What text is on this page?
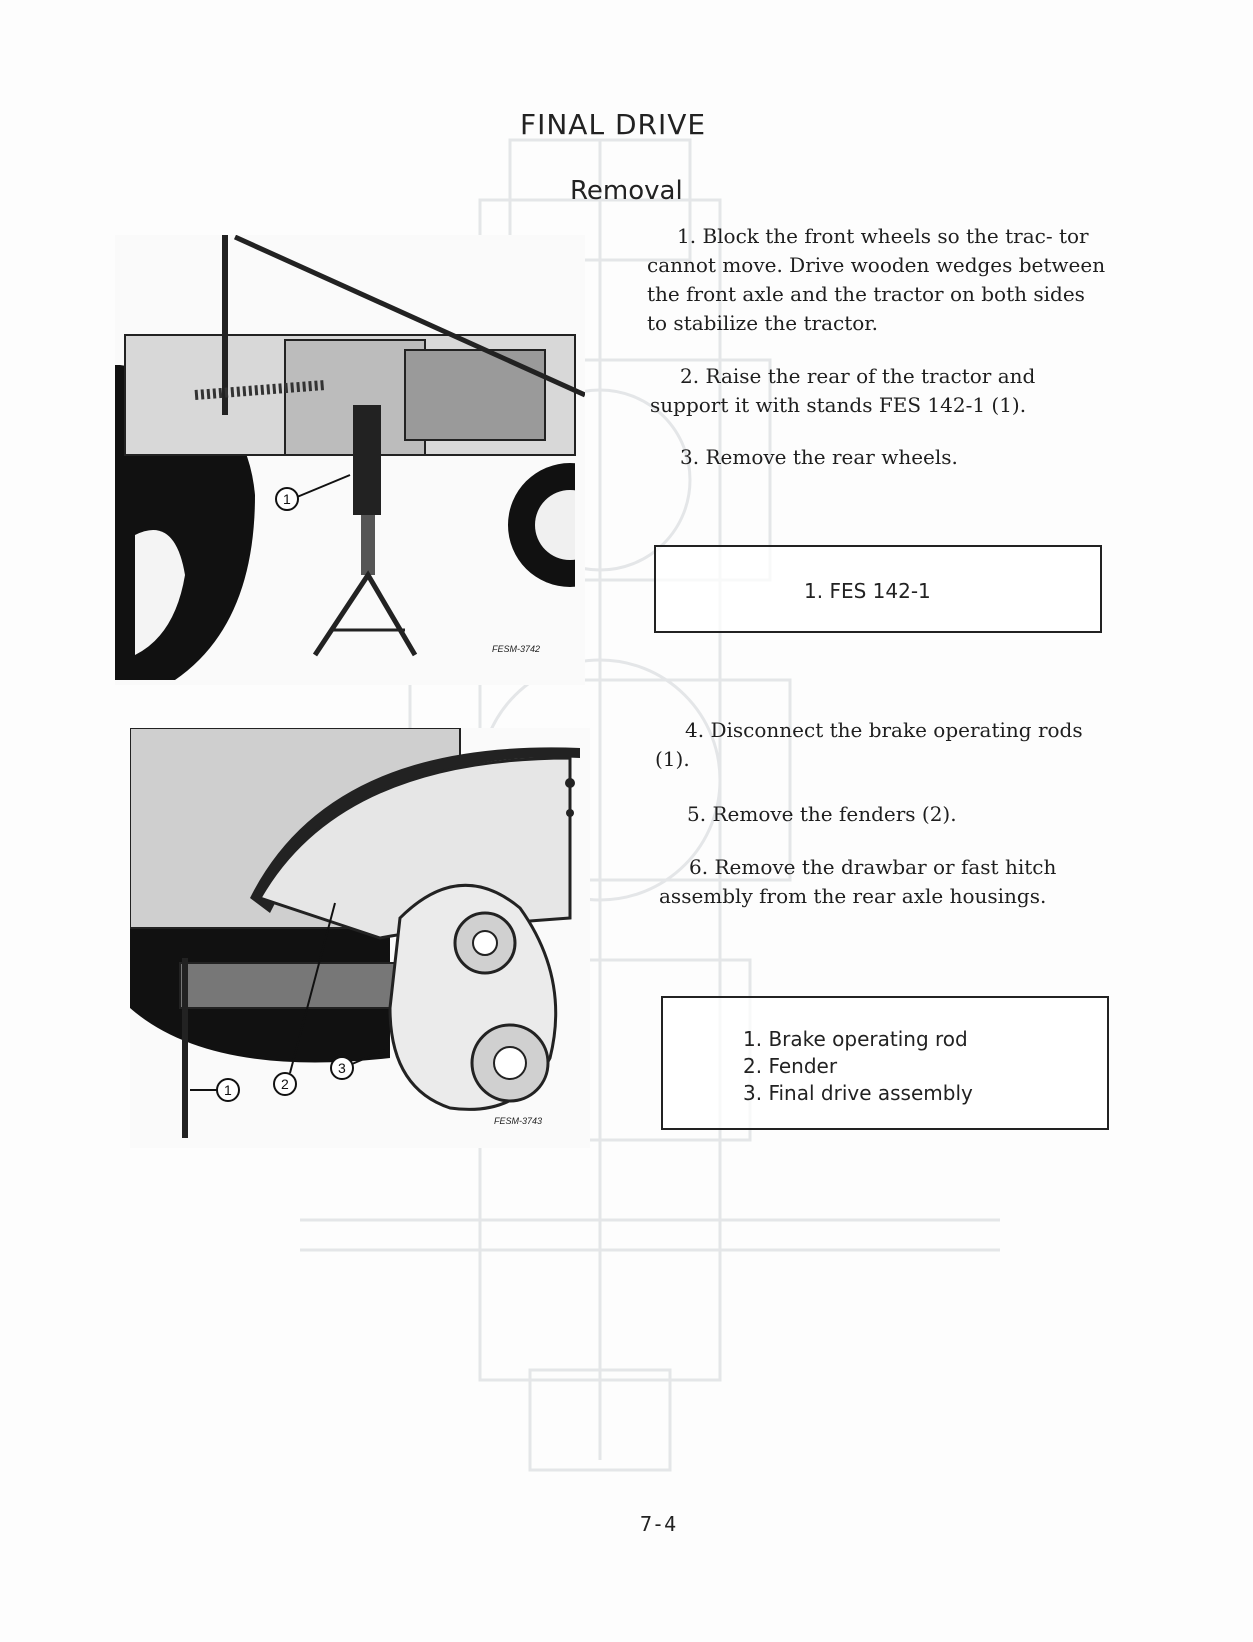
FINAL DRIVE
Removal
1
FESM-3742
1. Block the front wheels so the trac- tor cannot move. Drive wooden wedges between the front axle and the tractor on both sides to stabilize the tractor.
2. Raise the rear of the tractor and support it with stands FES 142-1 (1).
3. Remove the rear wheels.
1. FES 142-1
1	2
3
FESM-3743
4. Disconnect the brake operating rods (1).
5. Remove the fenders (2).
6. Remove the drawbar or fast hitch assembly from the rear axle housings.
1. Brake operating rod
2. Fender
3. Final drive assembly
7-4
